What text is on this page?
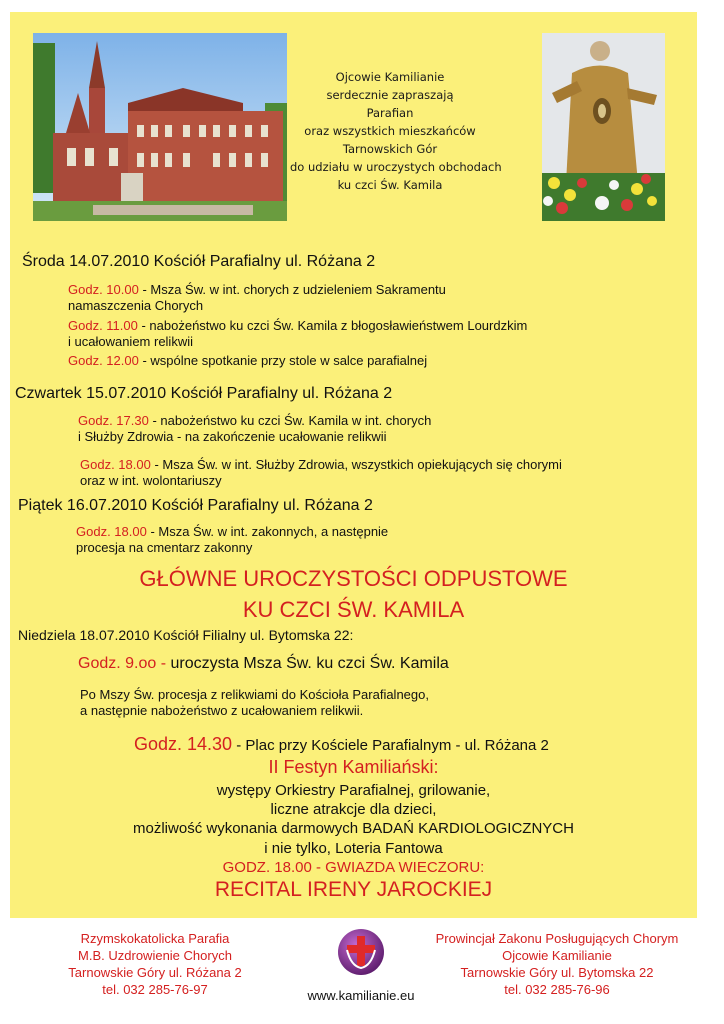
Ojcowie Kamilianie
serdecznie zapraszają
Parafian
oraz wszystkich mieszkańców
Tarnowskich Gór
do udziału w uroczystych obchodach
ku czci Św. Kamila
Środa 14.07.2010 Kościół Parafialny ul. Różana 2
Godz. 10.00 - Msza Św. w int. chorych z udzieleniem Sakramentu
namaszczenia Chorych
Godz. 11.00 - nabożeństwo ku czci Św. Kamila z błogosławieństwem Lourdzkim
i ucałowaniem relikwii
Godz. 12.00 - wspólne spotkanie przy stole w salce parafialnej
Czwartek 15.07.2010 Kościół Parafialny ul. Różana 2
Godz. 17.30 - nabożeństwo ku czci Św. Kamila w int. chorych
i Służby Zdrowia - na zakończenie ucałowanie relikwii
Godz. 18.00 - Msza Św. w int. Służby Zdrowia, wszystkich opiekujących się chorymi
oraz w int. wolontariuszy
Piątek 16.07.2010 Kościół Parafialny ul. Różana 2
Godz. 18.00 - Msza Św. w int. zakonnych, a następnie
procesja na cmentarz zakonny
GŁÓWNE UROCZYSTOŚCI ODPUSTOWE
KU CZCI ŚW. KAMILA
Niedziela 18.07.2010 Kościół Filialny ul. Bytomska 22:
Godz. 9.oo - uroczysta Msza Św. ku czci Św. Kamila
Po Mszy Św. procesja z relikwiami do Kościoła Parafialnego,
a następnie nabożeństwo z ucałowaniem relikwii.
Godz. 14.30 - Plac przy Kościele Parafialnym - ul. Różana 2
II Festyn Kamiliański:
występy Orkiestry Parafialnej, grilowanie,
liczne atrakcje dla dzieci,
możliwość wykonania darmowych BADAŃ KARDIOLOGICZNYCH
i nie tylko, Loteria Fantowa
GODZ. 18.00 - GWIAZDA WIECZORU:
RECITAL IRENY JAROCKIEJ
Rzymskokatolicka Parafia
M.B. Uzdrowienie Chorych
Tarnowskie Góry ul. Różana 2
tel. 032 285-76-97	www.kamilianie.eu
Prowincjał Zakonu Posługujących Chorym
Ojcowie Kamilianie
Tarnowskie Góry ul. Bytomska 22
tel. 032 285-76-96
